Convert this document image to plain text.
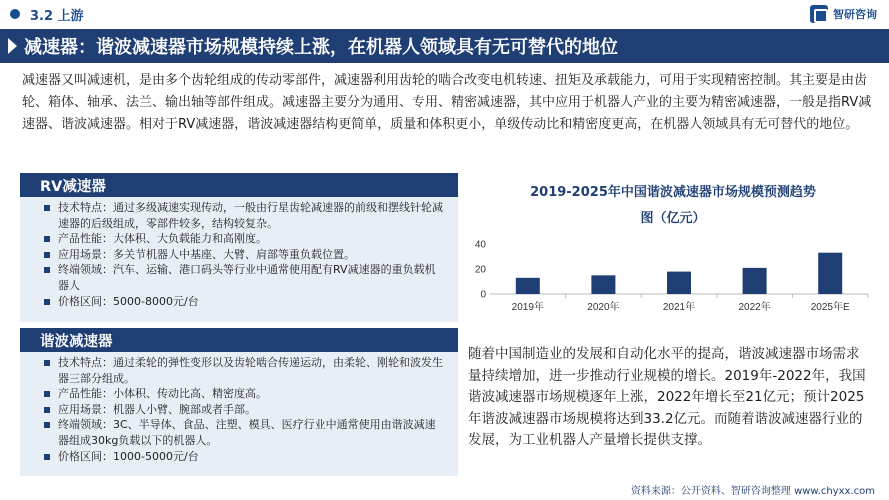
3.2 上游	智研咨询
减速器：谐波减速器市场规模持续上涨，在机器人领域具有无可替代的地位

减速器又叫减速机，是由多个齿轮组成的传动零部件，减速器利用齿轮的啮合改变电机转速、扭矩及承载能力，可用于实现精密控制。其主要是由齿轮、箱体、轴承、法兰、输出轴等部件组成。减速器主要分为通用、专用、精密减速器，其中应用于机器人产业的主要为精密减速器，一般是指RV减速器、谐波减速器。相对于RV减速器，谐波减速器结构更简单，质量和体积更小，单级传动比和精密度更高，在机器人领域具有无可替代的地位。

RV减速器
技术特点：通过多级减速实现传动，一般由行星齿轮减速器的前级和摆线针轮减速器的后级组成，零部件较多，结构较复杂。
产品性能：大体积、大负载能力和高刚度。
应用场景：多关节机器人中基座、大臂、肩部等重负载位置。
终端领域：汽车、运输、港口码头等行业中通常使用配有RV减速器的重负载机器人
价格区间：5000-8000元/台
谐波减速器
技术特点：通过柔轮的弹性变形以及齿轮啮合传递运动，由柔轮、刚轮和波发生器三部分组成。
产品性能：小体积、传动比高、精密度高。
应用场景：机器人小臂、腕部或者手部。
终端领域：3C、半导体、食品、注塑、模具、医疗行业中通常使用由谐波减速器组成30kg负载以下的机器人。
价格区间：1000-5000元/台
2019-2025年中国谐波减速器市场规模预测趋势
图（亿元）
0
20
40
2019年	2020年	2021年	2022年	2025年E

随着中国制造业的发展和自动化水平的提高，谐波减速器市场需求量持续增加，进一步推动行业规模的增长。2019年-2022年，我国谐波减速器市场规模逐年上涨，2022年增长至21亿元；预计2025年谐波减速器市场规模将达到33.2亿元。而随着谐波减速器行业的发展，为工业机器人产量增长提供支撑。

资料来源：公开资料、智研咨询整理 www.chyxx.com
